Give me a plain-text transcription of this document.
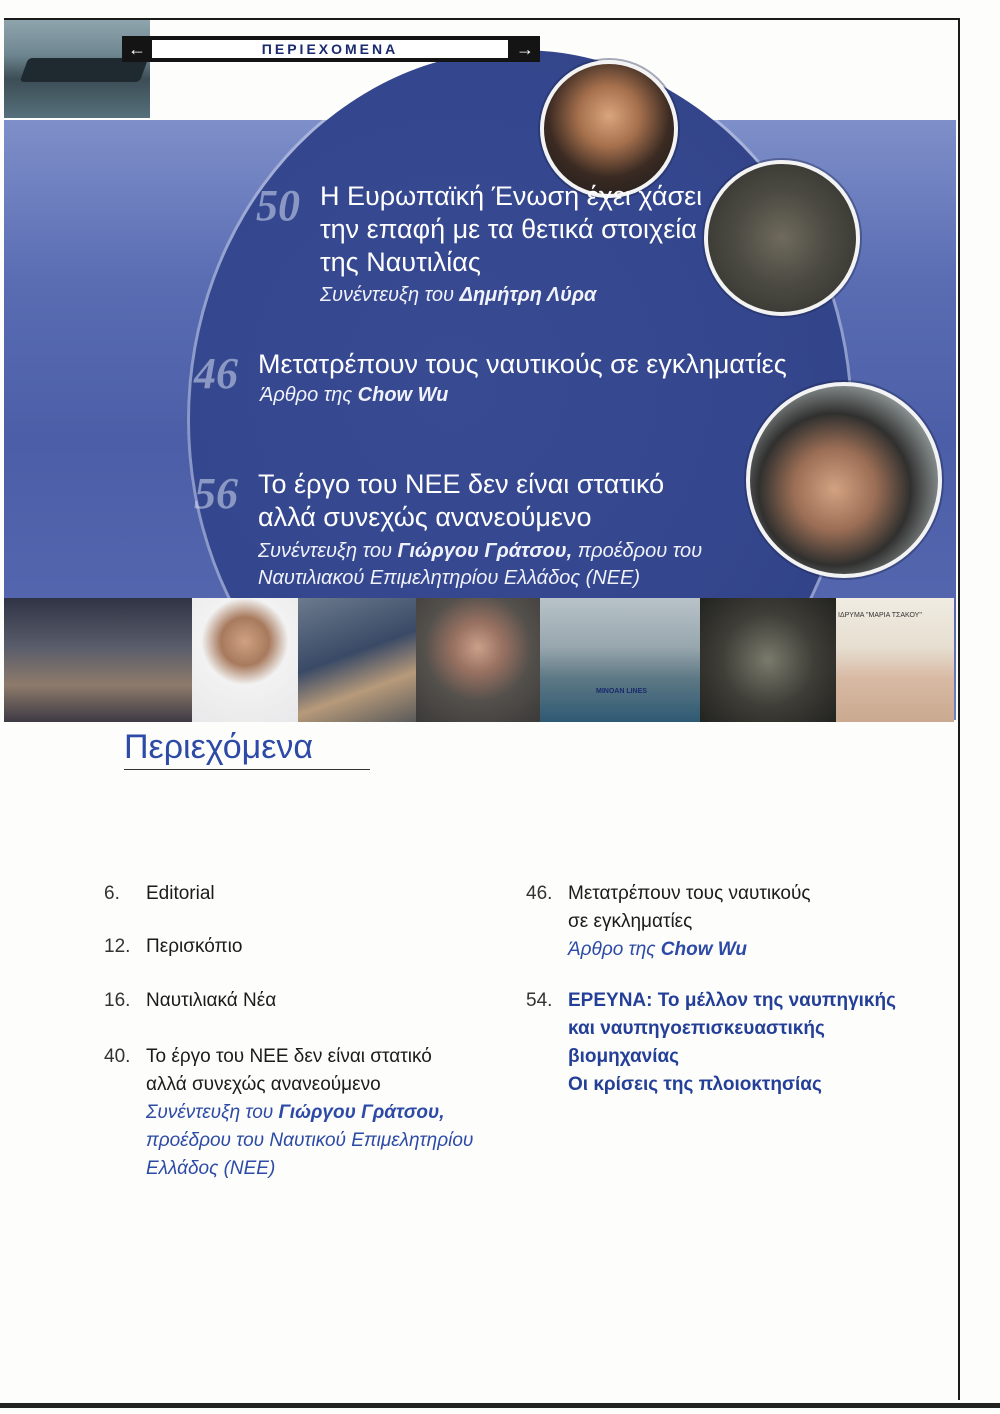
←	ΠΕΡΙΕΧΟΜΕΝΑ	→
50 Η Ευρωπαϊκή Ένωση έχει χάσει
την επαφή με τα θετικά στοιχεία
της Ναυτιλίας
Συνέντευξη του Δημήτρη Λύρα
46 Μετατρέπουν τους ναυτικούς σε εγκληματίες
Άρθρο της Chow Wu
56 Το έργο του ΝΕΕ δεν είναι στατικό
αλλά συνεχώς ανανεούμενο
Συνέντευξη του Γιώργου Γράτσου, προέδρου του
Ναυτιλιακού Επιμελητηρίου Ελλάδος (ΝΕΕ)
MINOAN LINES
ΙΔΡΥΜΑ "ΜΑΡΙΑ ΤΣΑΚΟΥ"
Περιεχόμενα
6. Editorial
12. Περισκόπιο
16. Ναυτιλιακά Νέα
40. Το έργο του ΝΕΕ δεν είναι στατικό
αλλά συνεχώς ανανεούμενο
Συνέντευξη του Γιώργου Γράτσου,
προέδρου του Ναυτικού Επιμελητηρίου
Ελλάδος (ΝΕΕ)
46. Μετατρέπουν τους ναυτικούς
σε εγκληματίες
Άρθρο της Chow Wu
54. ΕΡΕΥΝΑ: Το μέλλον της ναυπηγικής
και ναυπηγοεπισκευαστικής
βιομηχανίας
Οι κρίσεις της πλοιοκτησίας
